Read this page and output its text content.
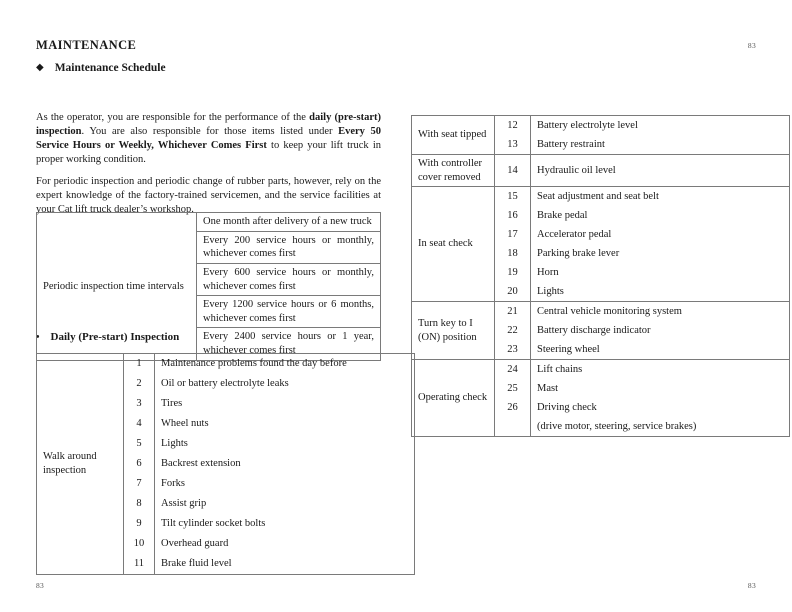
83
83	83
MAINTENANCE
◆ Maintenance Schedule
• Daily (Pre-start) Inspection

As the operator, you are responsible for the performance of the daily (pre-start) inspection. You are also responsible for those items listed under Every 50 Service Hours or Weekly, Whichever Comes First to keep your lift truck in proper working condition.

For periodic inspection and periodic change of rubber parts, however, rely on the expert knowledge of the factory-trained servicemen, and the service facilities at your Cat lift truck dealer’s workshop.

Periodic inspection time intervals	One month after delivery of a new truck
Every 200 service hours or monthly, whichever comes first
Every 600 service hours or monthly, whichever comes first
Every 1200 service hours or 6 months, whichever comes first
Every 2400 service hours or 1 year, whichever comes first
Walk around inspection	1	Maintenance problems found the day before
	2	Oil or battery electrolyte leaks
	3	Tires
	4	Wheel nuts
	5	Lights
	6	Backrest extension
	7	Forks
	8	Assist grip
	9	Tilt cylinder socket bolts
	10	Overhead guard
	11	Brake fluid level
With seat tipped	12	Battery electrolyte level
	13	Battery restraint
With controller cover removed	14	Hydraulic oil level
In seat check	15	Seat adjustment and seat belt
	16	Brake pedal
	17	Accelerator pedal
	18	Parking brake lever
	19	Horn
	20	Lights
Turn key to I (ON) position	21	Central vehicle monitoring system
	22	Battery discharge indicator
	23	Steering wheel
Operating check	24	Lift chains
	25	Mast
	26	Driving check
		(drive motor, steering, service brakes)
